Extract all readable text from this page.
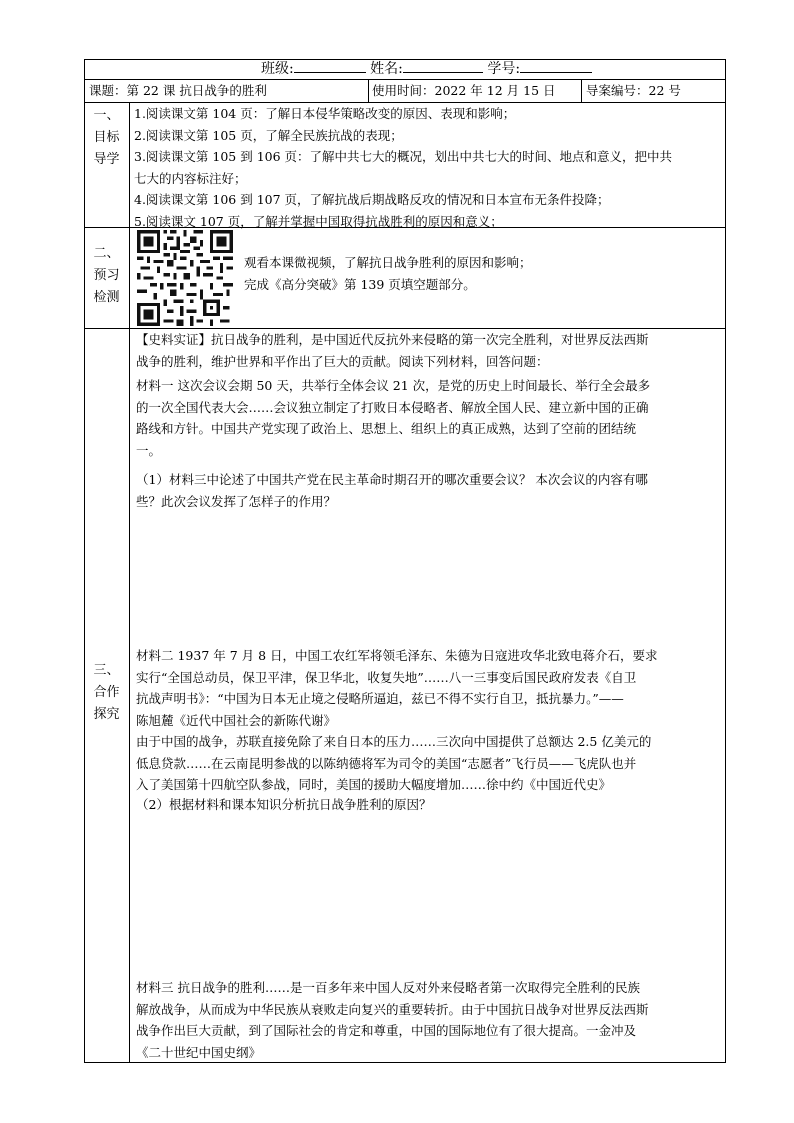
班级:	姓名:	学号:
课题：第 22 课 抗日战争的胜利	使用时间：2022 年 12 月 15 日 导案编号：22 号
一、
目标
导学

1.阅读课文第 104 页：了解日本侵华策略改变的原因、表现和影响；

2.阅读课文第 105 页，了解全民族抗战的表现；

3.阅读课文第 105 到 106 页：了解中共七大的概况，划出中共七大的时间、地点和意义，把中共

七大的内容标注好；

4.阅读课文第 106 到 107 页，了解抗战后期战略反攻的情况和日本宣布无条件投降；

5.阅读课文 107 页，了解并掌握中国取得抗战胜利的原因和意义；

二、
预习
检测

观看本课微视频，了解抗日战争胜利的原因和影响；

完成《高分突破》第 139 页填空题部分。

三、
合作
探究

【史料实证】抗日战争的胜利，是中国近代反抗外来侵略的第一次完全胜利，对世界反法西斯

战争的胜利，维护世界和平作出了巨大的贡献。阅读下列材料，回答问题：

材料一 这次会议会期 50 天，共举行全体会议 21 次，是党的历史上时间最长、举行全会最多

的一次全国代表大会……会议独立制定了打败日本侵略者、解放全国人民、建立新中国的正确

路线和方针。中国共产党实现了政治上、思想上、组织上的真正成熟，达到了空前的团结统

一。

（1）材料三中论述了中国共产党在民主革命时期召开的哪次重要会议？ 本次会议的内容有哪

些？此次会议发挥了怎样子的作用？

材料二 1937 年 7 月 8 日，中国工农红军将领毛泽东、朱德为日寇进攻华北致电蒋介石，要求

实行“全国总动员，保卫平津，保卫华北，收复失地”……八一三事变后国民政府发表《自卫

抗战声明书》：“中国为日本无止境之侵略所逼迫，兹已不得不实行自卫，抵抗暴力。”——

陈旭麓《近代中国社会的新陈代谢》

由于中国的战争，苏联直接免除了来自日本的压力……三次向中国提供了总额达 2.5 亿美元的

低息贷款……在云南昆明参战的以陈纳德将军为司令的美国“志愿者”飞行员——飞虎队也并

入了美国第十四航空队参战，同时，美国的援助大幅度增加……徐中约《中国近代史》

（2）根据材料和课本知识分析抗日战争胜利的原因？

材料三 抗日战争的胜利……是一百多年来中国人反对外来侵略者第一次取得完全胜利的民族

解放战争，从而成为中华民族从衰败走向复兴的重要转折。由于中国抗日战争对世界反法西斯

战争作出巨大贡献，到了国际社会的肯定和尊重，中国的国际地位有了很大提高。一金冲及

《二十世纪中国史纲》
